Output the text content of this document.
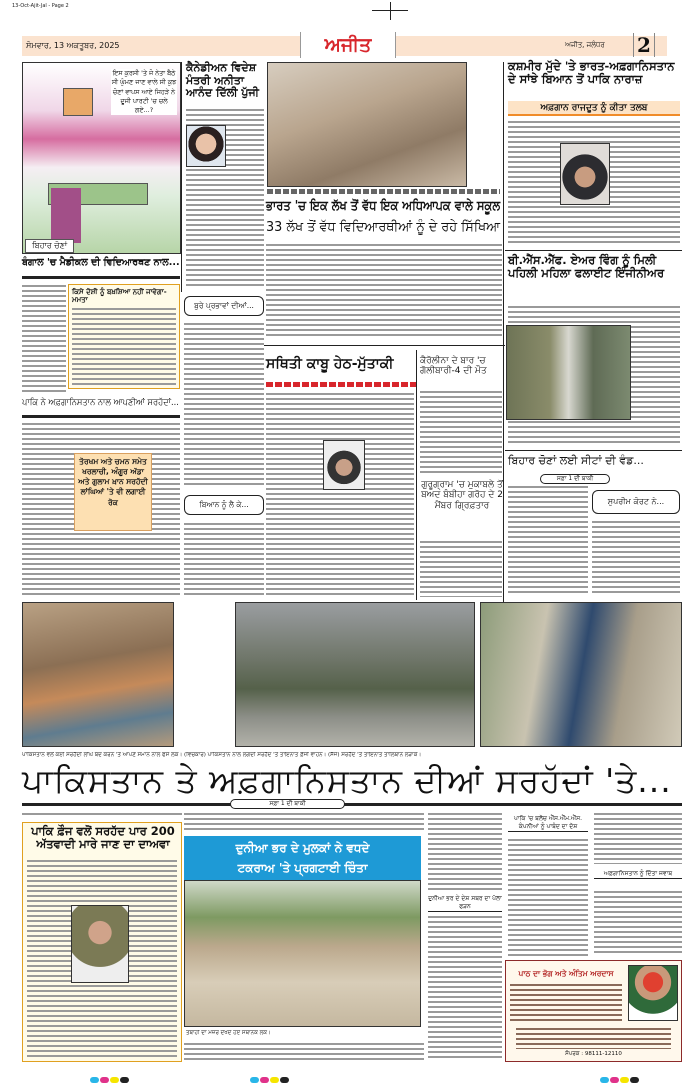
13-Oct-Ajit-Jal - Page 2
ਸੋਮਵਾਰ, 13 ਅਕਤੂਬਰ, 2025	ਅਜੀਤ	ਅਜੀਤ, ਜਲੰਧਰ 2
ਇਸ ਕੁਰਸੀ 'ਤੇ ਜੋ ਨੇਤਾ ਬੈਠੇ ਸੀ ਘੁੰਮਣ ਜਾਣ ਵਾਲੇ ਸੀ ਕੁਝ ਚੋਣਾਂ ਵਾਪਸ ਆਏ ਜਿਹੜੇ ਨੇ ਦੂਜੀ ਪਾਰਟੀ 'ਚ ਚਲੇ ਗਏ...?
ਬਿਹਾਰ ਚੋਣਾਂ
ਕੈਨੇਡੀਅਨ ਵਿਦੇਸ਼ ਮੰਤਰੀ ਅਨੀਤਾ ਆਨੰਦ ਦਿੱਲੀ ਪੁੱਜੀ
ਭਾਰਤ 'ਚ ਇਕ ਲੱਖ ਤੋਂ ਵੱਧ ਇਕ ਅਧਿਆਪਕ ਵਾਲੇ ਸਕੂਲ
33 ਲੱਖ ਤੋਂ ਵੱਧ ਵਿਦਿਆਰਥੀਆਂ ਨੂੰ ਦੇ ਰਹੇ ਸਿੱਖਿਆ
ਕਸ਼ਮੀਰ ਮੁੱਦੇ 'ਤੇ ਭਾਰਤ-ਅਫ਼ਗਾਨਿਸਤਾਨ ਦੇ ਸਾਂਝੇ ਬਿਆਨ ਤੋਂ ਪਾਕਿ ਨਾਰਾਜ਼
ਅਫ਼ਗਾਨ ਰਾਜਦੂਤ ਨੂੰ ਕੀਤਾ ਤਲਬ
ਬੀ.ਐੱਸ.ਐੱਫ. ਏਅਰ ਵਿੰਗ ਨੂੰ ਮਿਲੀ ਪਹਿਲੀ ਮਹਿਲਾ ਫਲਾਈਟ ਇੰਜੀਨੀਅਰ
ਬਿਹਾਰ ਚੋਣਾਂ ਲਈ ਸੀਟਾਂ ਦੀ ਵੰਡ...
ਸਫ਼ਾ 1 ਦੀ ਬਾਕੀ
ਸੁਪਰੀਮ ਕੋਰਟ ਨੇ...
ਬੰਗਾਲ 'ਚ ਮੈਡੀਕਲ ਦੀ ਵਿਦਿਆਰਥਣ ਨਾਲ...
ਕਿਸੇ ਦੋਸ਼ੀ ਨੂੰ ਬਖ਼ਸ਼ਿਆ ਨਹੀਂ ਜਾਵੇਗਾ-ਮਮਤਾ
ਪਾਕਿ ਨੇ ਅਫ਼ਗਾਨਿਸਤਾਨ ਨਾਲ ਆਪਣੀਆਂ ਸਰਹੱਦਾਂ...
ਤੋਰਖਮ ਅਤੇ ਚਮਨ ਸਮੇਤ ਖਰਲਾਚੀ, ਅੰਗੂਰ ਅੱਡਾ ਅਤੇ ਗੁਲਾਮ ਖ਼ਾਨ ਸਰਹੱਦੀ ਲਾਂਘਿਆਂ 'ਤੇ ਵੀ ਲਗਾਈ ਰੋਕ
ਬੁਰੇ ਪ੍ਰਭਾਵਾਂ ਦੀਆਂ...
ਬਿਆਨ ਨੂੰ ਲੈ ਕੇ...
ਸਥਿਤੀ ਕਾਬੂ ਹੇਠ-ਮੁੱਤਾਕੀ	ਕੈਰੋਲੀਨਾ ਦੇ ਬਾਰ 'ਚ ਗੋਲੀਬਾਰੀ-4 ਦੀ ਮੌਤ
ਗੁਰੂਗ੍ਰਾਮ 'ਚ ਮੁਕਾਬਲੇ ਤੋਂ ਬਅਦ ਬੰਬੀਹਾ ਗਰੋਹ ਦੇ 2 ਮੈਂਬਰ ਗ੍ਰਿਫ਼ਤਾਰ
ਪਾਕਿਸਤਾਨ ਵਲੋਂ ਕਈ ਸਰਹੱਦੀ ਲਾਂਘੇ ਬੰਦ ਕਰਨ 'ਤੇ ਆਪਣੇ ਸਮਾਨ ਨਾਲ ਫਸੇ ਲੋਕ। (ਵਿਚਕਾਰ) ਪਾਕਿਸਤਾਨ ਨਾਲ ਲਗਦੀ ਸਰਹੱਦ 'ਤੇ ਤਾਇਨਾਤ ਫ਼ੌਜੀ ਵਾਹਨ। (ਸੱਜੇ) ਸਰਹੱਦ 'ਤੇ ਤਾਇਨਾਤ ਤਾਲਿਬਾਨ ਲੜਾਕੇ।
ਪਾਕਿਸਤਾਨ ਤੇ ਅਫ਼ਗਾਨਿਸਤਾਨ ਦੀਆਂ ਸਰਹੱਦਾਂ 'ਤੇ...
ਸਫ਼ਾ 1 ਦੀ ਬਾਕੀ
ਪਾਕਿ ਫ਼ੌਜ ਵਲੋਂ ਸਰਹੱਦ ਪਾਰ 200 ਅੱਤਵਾਦੀ ਮਾਰੇ ਜਾਣ ਦਾ ਦਾਅਵਾ	ਦੁਨੀਆ ਭਰ ਦੇ ਮੁਲਕਾਂ ਨੇ ਵਧਦੇ
ਟਕਰਾਅ 'ਤੇ ਪ੍ਰਗਟਾਈ ਚਿੰਤਾ
ਤਬਾਹੀ ਦਾ ਮੰਜ਼ਰ ਦੇਖਦੇ ਹੋਏ ਸਥਾਨਕ ਲੋਕ।
ਦੁਨੀਆ ਭਰ ਦੇ ਦੇਸ਼ ਸਬਰ ਦਾ ਪੱਲਾ ਫੜਨ
ਪਾਕਿ 'ਚ ਬਲੋਚ ਐੱਸ.ਐੱਮ.ਐੱਸ. ਕੰਪਨੀਆਂ ਨੂੰ ਪਾਬੰਦ ਦਾ ਦੋਸ਼
ਅਫ਼ਗਾਨਿਸਤਾਨ ਨੂੰ ਦਿੱਤਾ ਜਵਾਬ
ਪਾਠ ਦਾ ਭੋਗ ਅਤੇ ਅੰਤਿਮ ਅਰਦਾਸ
ਸੰਪਰਕ : 98111-12110
